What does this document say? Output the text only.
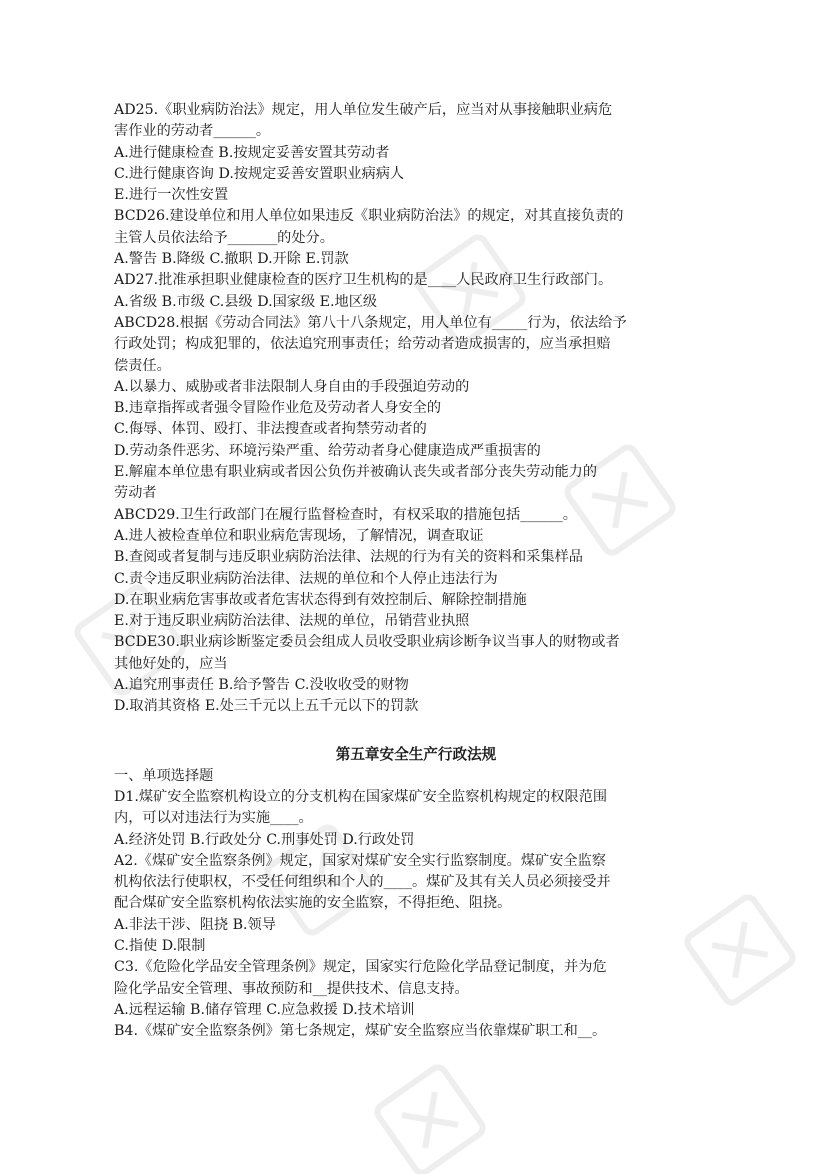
AD25.《职业病防治法》规定，用人单位发生破产后，应当对从事接触职业病危
害作业的劳动者______。
A.进行健康检查 B.按规定妥善安置其劳动者
C.进行健康咨询 D.按规定妥善安置职业病病人
E.进行一次性安置
BCD26.建设单位和用人单位如果违反《职业病防治法》的规定，对其直接负责的
主管人员依法给予_______的处分。
A.警告 B.降级 C.撤职 D.开除 E.罚款
AD27.批准承担职业健康检查的医疗卫生机构的是____人民政府卫生行政部门。
A.省级 B.市级 C.县级 D.国家级 E.地区级
ABCD28.根据《劳动合同法》第八十八条规定，用人单位有_____行为，依法给予
行政处罚；构成犯罪的，依法追究刑事责任；给劳动者造成损害的，应当承担赔
偿责任。
A.以暴力、威胁或者非法限制人身自由的手段强迫劳动的
B.违章指挥或者强令冒险作业危及劳动者人身安全的
C.侮辱、体罚、殴打、非法搜查或者拘禁劳动者的
D.劳动条件恶劣、环境污染严重、给劳动者身心健康造成严重损害的
E.解雇本单位患有职业病或者因公负伤并被确认丧失或者部分丧失劳动能力的
劳动者
ABCD29.卫生行政部门在履行监督检查时，有权采取的措施包括______。
A.进人被检查单位和职业病危害现场，了解情况，调查取证
B.查阅或者复制与违反职业病防治法律、法规的行为有关的资料和采集样品
C.责令违反职业病防治法律、法规的单位和个人停止违法行为
D.在职业病危害事故或者危害状态得到有效控制后、解除控制措施
E.对于违反职业病防治法律、法规的单位，吊销营业执照
BCDE30.职业病诊断鉴定委员会组成人员收受职业病诊断争议当事人的财物或者
其他好处的，应当
A.追究刑事责任 B.给予警告 C.没收收受的财物
D.取消其资格 E.处三千元以上五千元以下的罚款
第五章安全生产行政法规
一、单项选择题
D1.煤矿安全监察机构设立的分支机构在国家煤矿安全监察机构规定的权限范围
内，可以对违法行为实施____。
A.经济处罚 B.行政处分 C.刑事处罚 D.行政处罚
A2.《煤矿安全监察条例》规定，国家对煤矿安全实行监察制度。煤矿安全监察
机构依法行使职权，不受任何组织和个人的____。煤矿及其有关人员必须接受并
配合煤矿安全监察机构依法实施的安全监察，不得拒绝、阻挠。
A.非法干涉、阻挠 B.领导
C.指使 D.限制
C3.《危险化学品安全管理条例》规定，国家实行危险化学品登记制度，并为危
险化学品安全管理、事故预防和__提供技术、信息支持。
A.远程运输 B.储存管理 C.应急救援 D.技术培训
B4.《煤矿安全监察条例》第七条规定，煤矿安全监察应当依靠煤矿职工和__。
